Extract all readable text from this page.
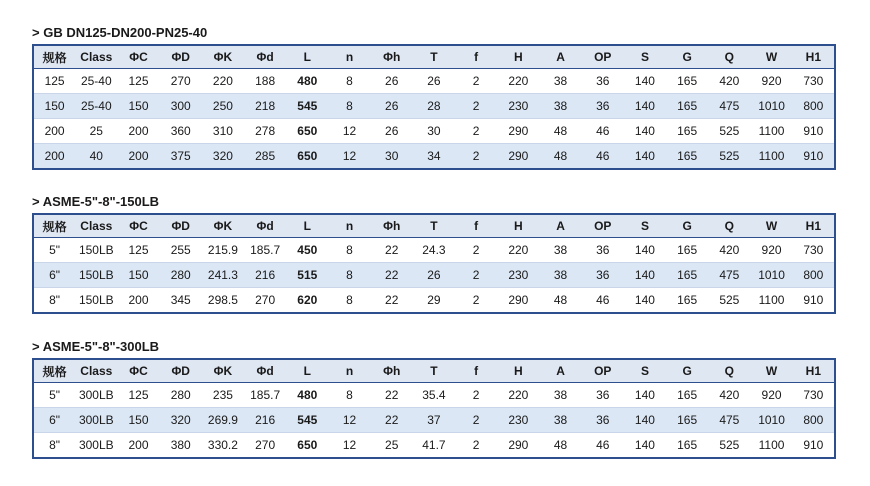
> GB DN125-DN200-PN25-40
规格	Class	ΦC	ΦD	ΦK	Φd	L	n	Φh	T	f	H	A	OP	S	G	Q	W	H1
125	25-40	125	270	220	188	480	8	26	26	2	220	38	36	140	165	420	920	730
150	25-40	150	300	250	218	545	8	26	28	2	230	38	36	140	165	475	1010	800
200	25	200	360	310	278	650	12	26	30	2	290	48	46	140	165	525	1100	910
200	40	200	375	320	285	650	12	30	34	2	290	48	46	140	165	525	1100	910
> ASME-5"-8"-150LB
规格	Class	ΦC	ΦD	ΦK	Φd	L	n	Φh	T	f	H	A	OP	S	G	Q	W	H1
5"	150LB	125	255	215.9	185.7	450	8	22	24.3	2	220	38	36	140	165	420	920	730
6"	150LB	150	280	241.3	216	515	8	22	26	2	230	38	36	140	165	475	1010	800
8"	150LB	200	345	298.5	270	620	8	22	29	2	290	48	46	140	165	525	1100	910
> ASME-5"-8"-300LB
规格	Class	ΦC	ΦD	ΦK	Φd	L	n	Φh	T	f	H	A	OP	S	G	Q	W	H1
5"	300LB	125	280	235	185.7	480	8	22	35.4	2	220	38	36	140	165	420	920	730
6"	300LB	150	320	269.9	216	545	12	22	37	2	230	38	36	140	165	475	1010	800
8"	300LB	200	380	330.2	270	650	12	25	41.7	2	290	48	46	140	165	525	1100	910
